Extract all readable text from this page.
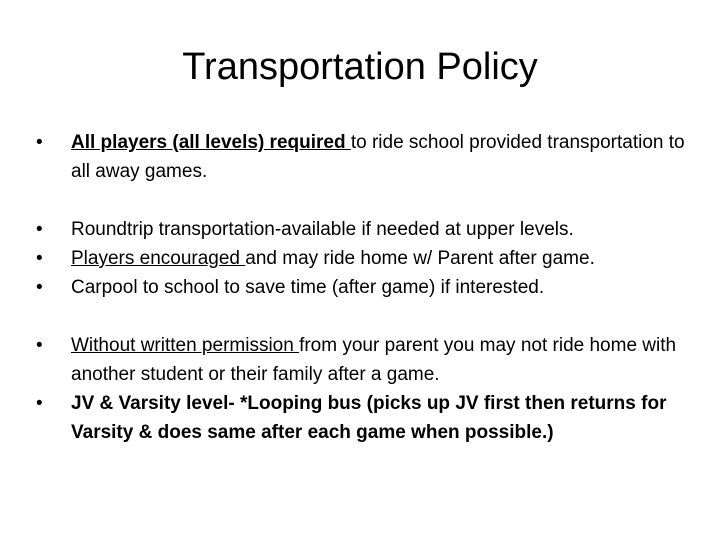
Transportation Policy
• All players (all levels) required to ride school provided transportation to all away games.
• Roundtrip transportation-available if needed at upper levels.
• Players encouraged and may ride home w/ Parent after game.
• Carpool to school to save time (after game) if interested.
• Without written permission from your parent you may not ride home with another student or their family after a game.
• JV & Varsity level- *Looping bus (picks up JV first then returns for Varsity & does same after each game when possible.)
